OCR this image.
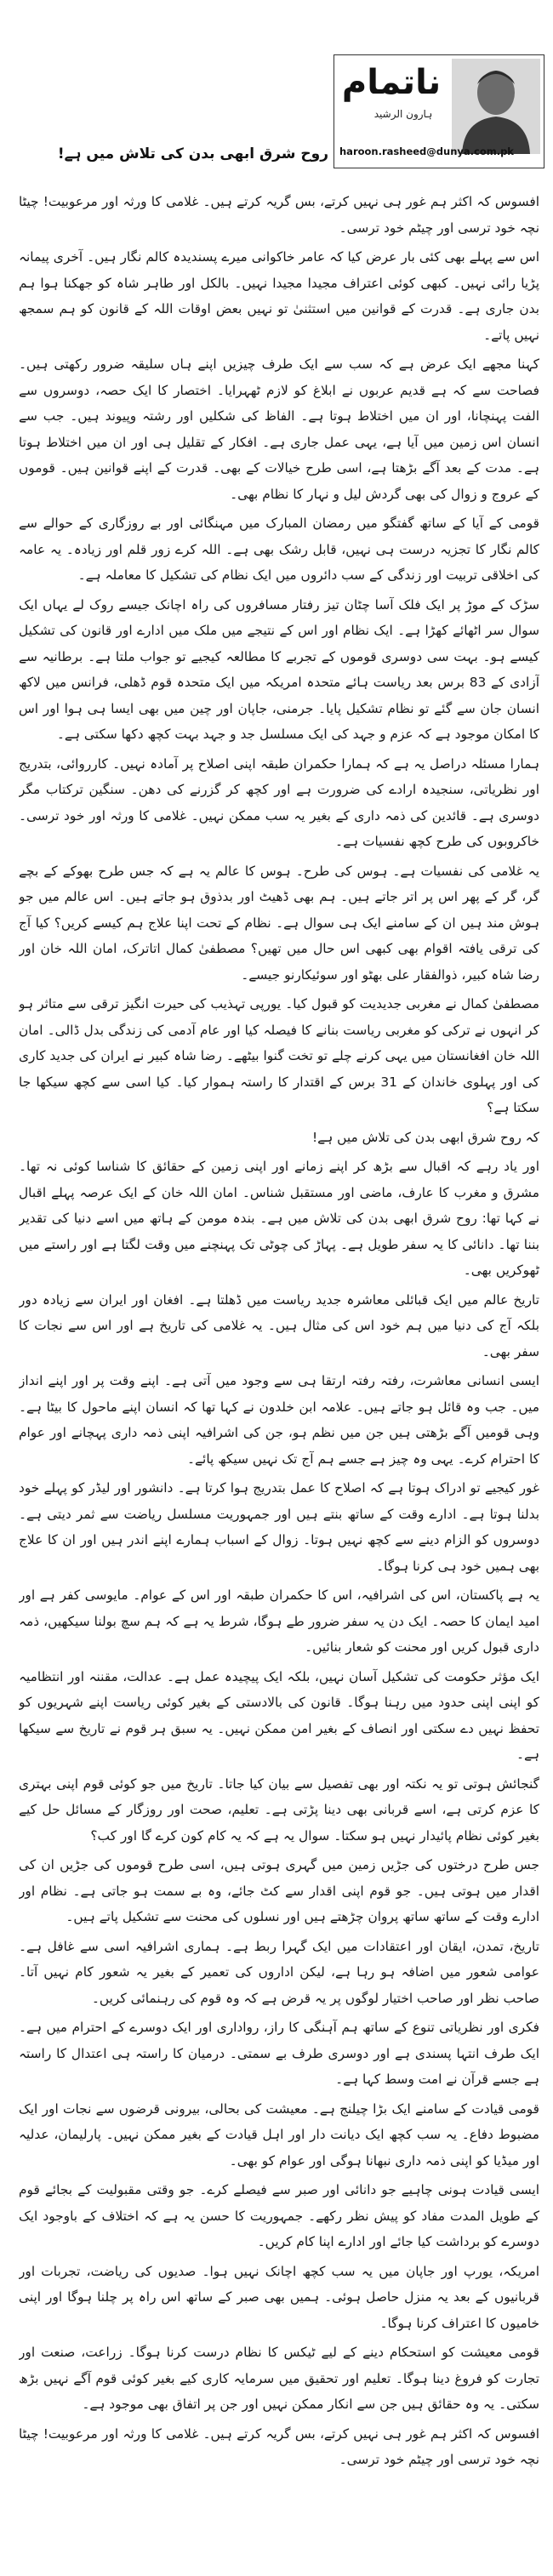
ناتمام
ہارون الرشید
haroon.rasheed@dunya.com.pk
روح شرق ابھی بدن کی تلاش میں ہے!

افسوس کہ اکثر ہم غور ہی نہیں کرتے، بس گریہ کرتے ہیں۔ غلامی کا ورثہ اور مرعوبیت! چیٹا نچہ خود ترسی اور چیٹم خود ترسی۔

اس سے پہلے بھی کئی بار عرض کیا کہ عامر خاکوانی میرے پسندیدہ کالم نگار ہیں۔ آخری پیمانہ پڑیا رائی نہیں۔ کبھی کوئی اعتراف مجیدا مجیدا نہیں۔ بالکل اور طاہر شاہ کو جھکنا ہوا ہم بدن جاری ہے۔ قدرت کے قوانین میں استثنیٰ تو نہیں بعض اوقات اللہ کے قانون کو ہم سمجھ نہیں پاتے۔

کہنا مجھے ایک عرض ہے کہ سب سے ایک طرف چیزیں اپنے ہاں سلیقہ ضرور رکھتی ہیں۔ فصاحت سے کہ ہے قدیم عربوں نے ابلاغ کو لازم ٹھہرایا۔ اختصار کا ایک حصہ، دوسروں سے الفت پہنچانا، اور ان میں اختلاط ہوتا ہے۔ الفاظ کی شکلیں اور رشتہ وپیوند ہیں۔ جب سے انسان اس زمین میں آیا ہے، یہی عمل جاری ہے۔ افکار کے تقلیل ہی اور ان میں اختلاط ہوتا ہے۔ مدت کے بعد آگے بڑھتا ہے، اسی طرح خیالات کے بھی۔ قدرت کے اپنے قوانین ہیں۔ قوموں کے عروج و زوال کی بھی گردش لیل و نہار کا نظام بھی۔

قومی کے آیا کے ساتھ گفتگو میں رمضان المبارک میں مہنگائی اور بے روزگاری کے حوالے سے کالم نگار کا تجزیہ درست ہی نہیں، قابل رشک بھی ہے۔ اللہ کرے زور قلم اور زیادہ۔ یہ عامہ کی اخلاقی تربیت اور زندگی کے سب دائروں میں ایک نظام کی تشکیل کا معاملہ ہے۔

سڑک کے موڑ پر ایک فلک آسا چٹان تیز رفتار مسافروں کی راہ اچانک جیسے روک لے یہاں ایک سوال سر اٹھائے کھڑا ہے۔ ایک نظام اور اس کے نتیجے میں ملک میں ادارے اور قانون کی تشکیل کیسے ہو۔ بہت سی دوسری قوموں کے تجربے کا مطالعہ کیجیے تو جواب ملتا ہے۔ برطانیہ سے آزادی کے 83 برس بعد ریاست ہائے متحدہ امریکہ میں ایک متحدہ قوم ڈھلی، فرانس میں لاکھ انسان جان سے گئے تو نظام تشکیل پایا۔ جرمنی، جاپان اور چین میں بھی ایسا ہی ہوا اور اس کا امکان موجود ہے کہ عزم و جہد کی ایک مسلسل جد و جہد بہت کچھ دکھا سکتی ہے۔

ہمارا مسئلہ دراصل یہ ہے کہ ہمارا حکمران طبقہ اپنی اصلاح پر آمادہ نہیں۔ کارروائی، بتدریج اور نظریاتی، سنجیدہ ارادے کی ضرورت ہے اور کچھ کر گزرنے کی دھن۔ سنگین ترکتاب مگر دوسری ہے۔ قائدین کی ذمہ داری کے بغیر یہ سب ممکن نہیں۔ غلامی کا ورثہ اور خود ترسی۔ خاکروبوں کی طرح کچھ نفسیات ہے۔

یہ غلامی کی نفسیات ہے۔ ہوس کی طرح۔ ہوس کا عالم یہ ہے کہ جس طرح بھوکے کے بچے گر، گر کے پھر اس پر اتر جاتے ہیں۔ ہم بھی ڈھیٹ اور بدذوق ہو جاتے ہیں۔ اس عالم میں جو ہوش مند ہیں ان کے سامنے ایک ہی سوال ہے۔ نظام کے تحت اپنا علاج ہم کیسے کریں؟ کیا آج کی ترقی یافتہ اقوام بھی کبھی اس حال میں تھیں؟ مصطفیٰ کمال اتاترک، امان اللہ خان اور رضا شاہ کبیر، ذوالفقار علی بھٹو اور سوئیکارنو جیسے۔

مصطفیٰ کمال نے مغربی جدیدیت کو قبول کیا۔ یورپی تہذیب کی حیرت انگیز ترقی سے متاثر ہو کر انہوں نے ترکی کو مغربی ریاست بنانے کا فیصلہ کیا اور عام آدمی کی زندگی بدل ڈالی۔ امان اللہ خان افغانستان میں یہی کرنے چلے تو تخت گنوا بیٹھے۔ رضا شاہ کبیر نے ایران کی جدید کاری کی اور پہلوی خاندان کے 31 برس کے اقتدار کا راستہ ہموار کیا۔ کیا اسی سے کچھ سیکھا جا سکتا ہے؟

کہ روح شرق ابھی بدن کی تلاش میں ہے!

اور یاد رہے کہ اقبال سے بڑھ کر اپنے زمانے اور اپنی زمین کے حقائق کا شناسا کوئی نہ تھا۔ مشرق و مغرب کا عارف، ماضی اور مستقبل شناس۔ امان اللہ خان کے ایک عرصہ پہلے اقبال نے کہا تھا: روح شرق ابھی بدن کی تلاش میں ہے۔ بندہ مومن کے ہاتھ میں اسے دنیا کی تقدیر بننا تھا۔ دانائی کا یہ سفر طویل ہے۔ پہاڑ کی چوٹی تک پہنچنے میں وقت لگتا ہے اور راستے میں ٹھوکریں بھی۔

تاریخ عالم میں ایک قبائلی معاشرہ جدید ریاست میں ڈھلتا ہے۔ افغان اور ایران سے زیادہ دور بلکہ آج کی دنیا میں ہم خود اس کی مثال ہیں۔ یہ غلامی کی تاریخ ہے اور اس سے نجات کا سفر بھی۔

ایسی انسانی معاشرت، رفتہ رفتہ ارتقا ہی سے وجود میں آتی ہے۔ اپنے وقت پر اور اپنے انداز میں۔ جب وہ قائل ہو جاتے ہیں۔ علامہ ابن خلدون نے کہا تھا کہ انسان اپنے ماحول کا بیٹا ہے۔ وہی قومیں آگے بڑھتی ہیں جن میں نظم ہو، جن کی اشرافیہ اپنی ذمہ داری پہچانے اور عوام کا احترام کرے۔ یہی وہ چیز ہے جسے ہم آج تک نہیں سیکھ پائے۔

غور کیجیے تو ادراک ہوتا ہے کہ اصلاح کا عمل بتدریج ہوا کرتا ہے۔ دانشور اور لیڈر کو پہلے خود بدلنا ہوتا ہے۔ ادارے وقت کے ساتھ بنتے ہیں اور جمہوریت مسلسل ریاضت سے ثمر دیتی ہے۔ دوسروں کو الزام دینے سے کچھ نہیں ہوتا۔ زوال کے اسباب ہمارے اپنے اندر ہیں اور ان کا علاج بھی ہمیں خود ہی کرنا ہوگا۔

یہ ہے پاکستان، اس کی اشرافیہ، اس کا حکمران طبقہ اور اس کے عوام۔ مایوسی کفر ہے اور امید ایمان کا حصہ۔ ایک دن یہ سفر ضرور طے ہوگا، شرط یہ ہے کہ ہم سچ بولنا سیکھیں، ذمہ داری قبول کریں اور محنت کو شعار بنائیں۔

ایک مؤثر حکومت کی تشکیل آسان نہیں، بلکہ ایک پیچیدہ عمل ہے۔ عدالت، مقننہ اور انتظامیہ کو اپنی اپنی حدود میں رہنا ہوگا۔ قانون کی بالادستی کے بغیر کوئی ریاست اپنے شہریوں کو تحفظ نہیں دے سکتی اور انصاف کے بغیر امن ممکن نہیں۔ یہ سبق ہر قوم نے تاریخ سے سیکھا ہے۔

گنجائش ہوتی تو یہ نکتہ اور بھی تفصیل سے بیان کیا جاتا۔ تاریخ میں جو کوئی قوم اپنی بہتری کا عزم کرتی ہے، اسے قربانی بھی دینا پڑتی ہے۔ تعلیم، صحت اور روزگار کے مسائل حل کیے بغیر کوئی نظام پائیدار نہیں ہو سکتا۔ سوال یہ ہے کہ یہ کام کون کرے گا اور کب؟

جس طرح درختوں کی جڑیں زمین میں گہری ہوتی ہیں، اسی طرح قوموں کی جڑیں ان کی اقدار میں ہوتی ہیں۔ جو قوم اپنی اقدار سے کٹ جائے، وہ بے سمت ہو جاتی ہے۔ نظام اور ادارے وقت کے ساتھ ساتھ پروان چڑھتے ہیں اور نسلوں کی محنت سے تشکیل پاتے ہیں۔

تاریخ، تمدن، ایقان اور اعتقادات میں ایک گہرا ربط ہے۔ ہماری اشرافیہ اسی سے غافل ہے۔ عوامی شعور میں اضافہ ہو رہا ہے، لیکن اداروں کی تعمیر کے بغیر یہ شعور کام نہیں آتا۔ صاحب نظر اور صاحب اختیار لوگوں پر یہ قرض ہے کہ وہ قوم کی رہنمائی کریں۔

فکری اور نظریاتی تنوع کے ساتھ ہم آہنگی کا راز، رواداری اور ایک دوسرے کے احترام میں ہے۔ ایک طرف انتہا پسندی ہے اور دوسری طرف بے سمتی۔ درمیان کا راستہ ہی اعتدال کا راستہ ہے جسے قرآن نے امت وسط کہا ہے۔

قومی قیادت کے سامنے ایک بڑا چیلنج ہے۔ معیشت کی بحالی، بیرونی قرضوں سے نجات اور ایک مضبوط دفاع۔ یہ سب کچھ ایک دیانت دار اور اہل قیادت کے بغیر ممکن نہیں۔ پارلیمان، عدلیہ اور میڈیا کو اپنی ذمہ داری نبھانا ہوگی اور عوام کو بھی۔

ایسی قیادت ہونی چاہیے جو دانائی اور صبر سے فیصلے کرے۔ جو وقتی مقبولیت کے بجائے قوم کے طویل المدت مفاد کو پیش نظر رکھے۔ جمہوریت کا حسن یہ ہے کہ اختلاف کے باوجود ایک دوسرے کو برداشت کیا جائے اور ادارے اپنا کام کریں۔

امریکہ، یورپ اور جاپان میں یہ سب کچھ اچانک نہیں ہوا۔ صدیوں کی ریاضت، تجربات اور قربانیوں کے بعد یہ منزل حاصل ہوئی۔ ہمیں بھی صبر کے ساتھ اس راہ پر چلنا ہوگا اور اپنی خامیوں کا اعتراف کرنا ہوگا۔

قومی معیشت کو استحکام دینے کے لیے ٹیکس کا نظام درست کرنا ہوگا۔ زراعت، صنعت اور تجارت کو فروغ دینا ہوگا۔ تعلیم اور تحقیق میں سرمایہ کاری کیے بغیر کوئی قوم آگے نہیں بڑھ سکتی۔ یہ وہ حقائق ہیں جن سے انکار ممکن نہیں اور جن پر اتفاق بھی موجود ہے۔

افسوس کہ اکثر ہم غور ہی نہیں کرتے، بس گریہ کرتے ہیں۔ غلامی کا ورثہ اور مرعوبیت! چیٹا نچہ خود ترسی اور چیٹم خود ترسی۔
